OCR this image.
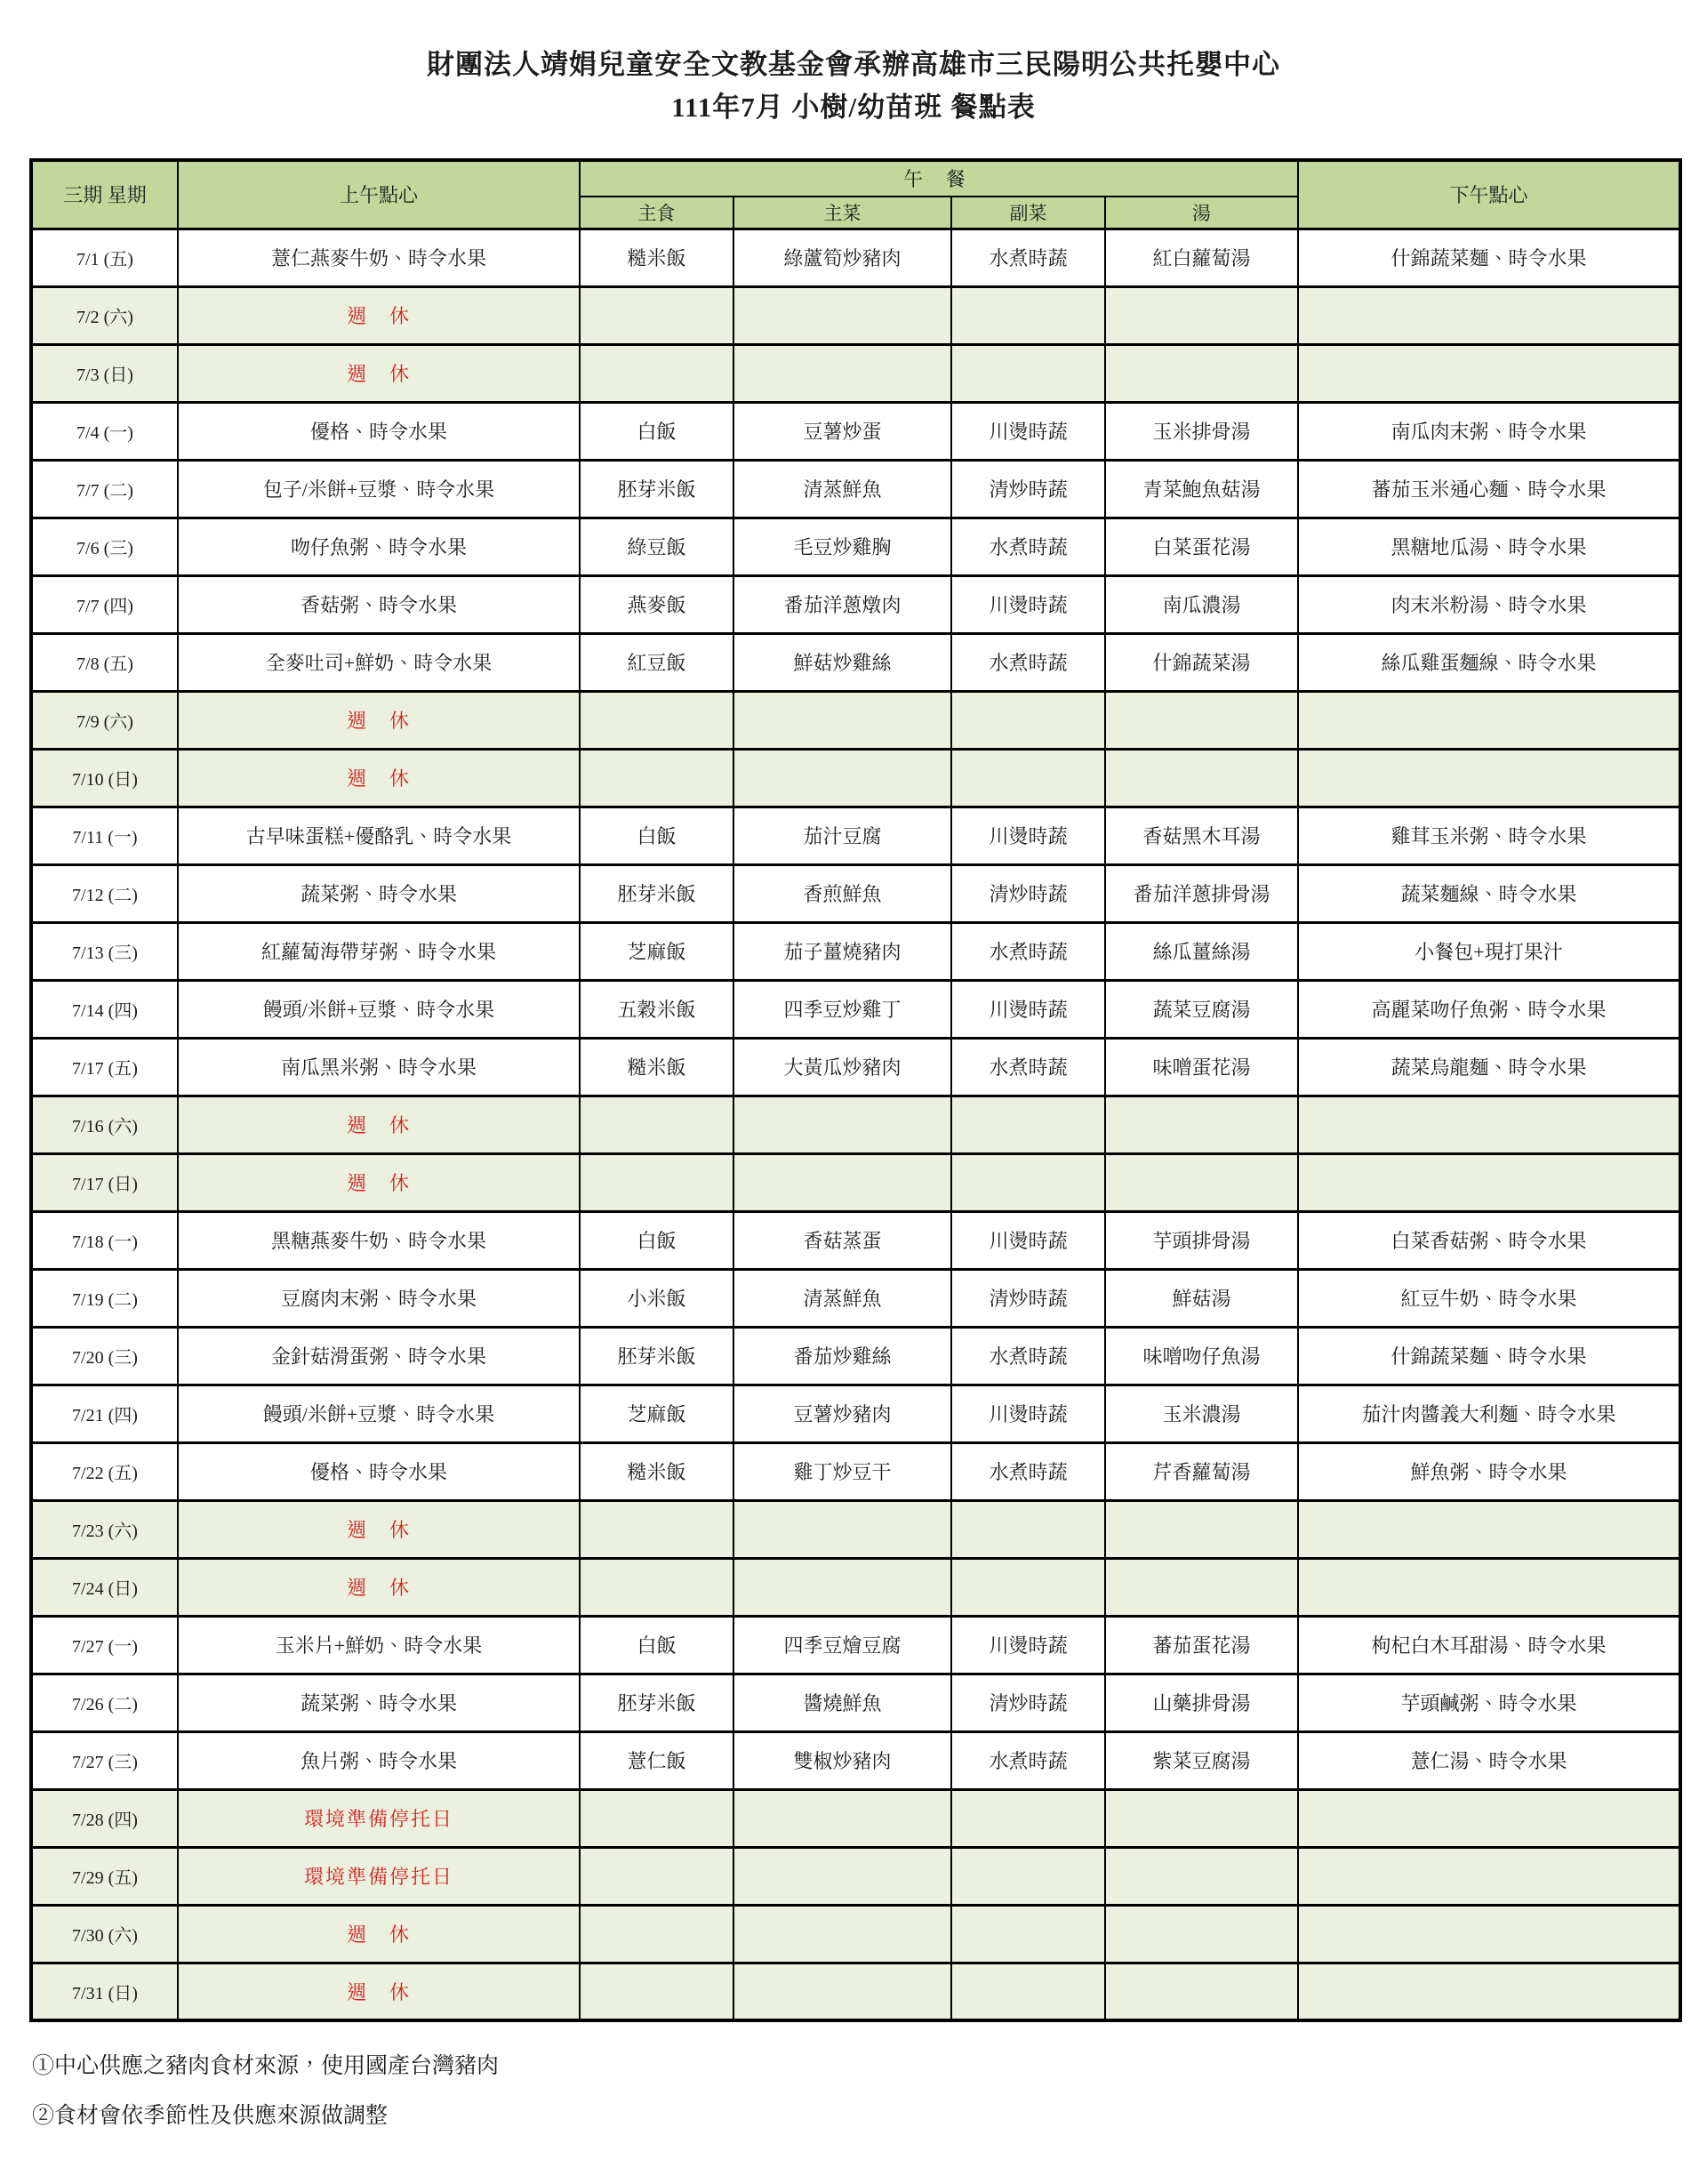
財團法人靖娟兒童安全文教基金會承辦高雄市三民陽明公共托嬰中心
111年7月 小樹/幼苗班 餐點表
三期 星期	上午點心	午 餐				下午點心
		主食	主菜	副菜	湯	
7/1 (五)	薏仁燕麥牛奶、時令水果	糙米飯	綠蘆筍炒豬肉	水煮時蔬	紅白蘿蔔湯	什錦蔬菜麵、時令水果
7/2 (六)	週　休					
7/3 (日)	週　休					
7/4 (一)	優格、時令水果	白飯	豆薯炒蛋	川燙時蔬	玉米排骨湯	南瓜肉末粥、時令水果
7/7 (二)	包子/米餅+豆漿、時令水果	胚芽米飯	清蒸鮮魚	清炒時蔬	青菜鮑魚菇湯	蕃茄玉米通心麵、時令水果
7/6 (三)	吻仔魚粥、時令水果	綠豆飯	毛豆炒雞胸	水煮時蔬	白菜蛋花湯	黑糖地瓜湯、時令水果
7/7 (四)	香菇粥、時令水果	燕麥飯	番茄洋蔥燉肉	川燙時蔬	南瓜濃湯	肉末米粉湯、時令水果
7/8 (五)	全麥吐司+鮮奶、時令水果	紅豆飯	鮮菇炒雞絲	水煮時蔬	什錦蔬菜湯	絲瓜雞蛋麵線、時令水果
7/9 (六)	週　休					
7/10 (日)	週　休					
7/11 (一)	古早味蛋糕+優酪乳、時令水果	白飯	茄汁豆腐	川燙時蔬	香菇黑木耳湯	雞茸玉米粥、時令水果
7/12 (二)	蔬菜粥、時令水果	胚芽米飯	香煎鮮魚	清炒時蔬	番茄洋蔥排骨湯	蔬菜麵線、時令水果
7/13 (三)	紅蘿蔔海帶芽粥、時令水果	芝麻飯	茄子薑燒豬肉	水煮時蔬	絲瓜薑絲湯	小餐包+現打果汁
7/14 (四)	饅頭/米餅+豆漿、時令水果	五穀米飯	四季豆炒雞丁	川燙時蔬	蔬菜豆腐湯	高麗菜吻仔魚粥、時令水果
7/17 (五)	南瓜黑米粥、時令水果	糙米飯	大黃瓜炒豬肉	水煮時蔬	味噌蛋花湯	蔬菜烏龍麵、時令水果
7/16 (六)	週　休					
7/17 (日)	週　休					
7/18 (一)	黑糖燕麥牛奶、時令水果	白飯	香菇蒸蛋	川燙時蔬	芋頭排骨湯	白菜香菇粥、時令水果
7/19 (二)	豆腐肉末粥、時令水果	小米飯	清蒸鮮魚	清炒時蔬	鮮菇湯	紅豆牛奶、時令水果
7/20 (三)	金針菇滑蛋粥、時令水果	胚芽米飯	番茄炒雞絲	水煮時蔬	味噌吻仔魚湯	什錦蔬菜麵、時令水果
7/21 (四)	饅頭/米餅+豆漿、時令水果	芝麻飯	豆薯炒豬肉	川燙時蔬	玉米濃湯	茄汁肉醬義大利麵、時令水果
7/22 (五)	優格、時令水果	糙米飯	雞丁炒豆干	水煮時蔬	芹香蘿蔔湯	鮮魚粥、時令水果
7/23 (六)	週　休					
7/24 (日)	週　休					
7/27 (一)	玉米片+鮮奶、時令水果	白飯	四季豆燴豆腐	川燙時蔬	蕃茄蛋花湯	枸杞白木耳甜湯、時令水果
7/26 (二)	蔬菜粥、時令水果	胚芽米飯	醬燒鮮魚	清炒時蔬	山藥排骨湯	芋頭鹹粥、時令水果
7/27 (三)	魚片粥、時令水果	薏仁飯	雙椒炒豬肉	水煮時蔬	紫菜豆腐湯	薏仁湯、時令水果
7/28 (四)	環境準備停托日					
7/29 (五)	環境準備停托日					
7/30 (六)	週　休					
7/31 (日)	週　休					
①中心供應之豬肉食材來源，使用國產台灣豬肉
②食材會依季節性及供應來源做調整
